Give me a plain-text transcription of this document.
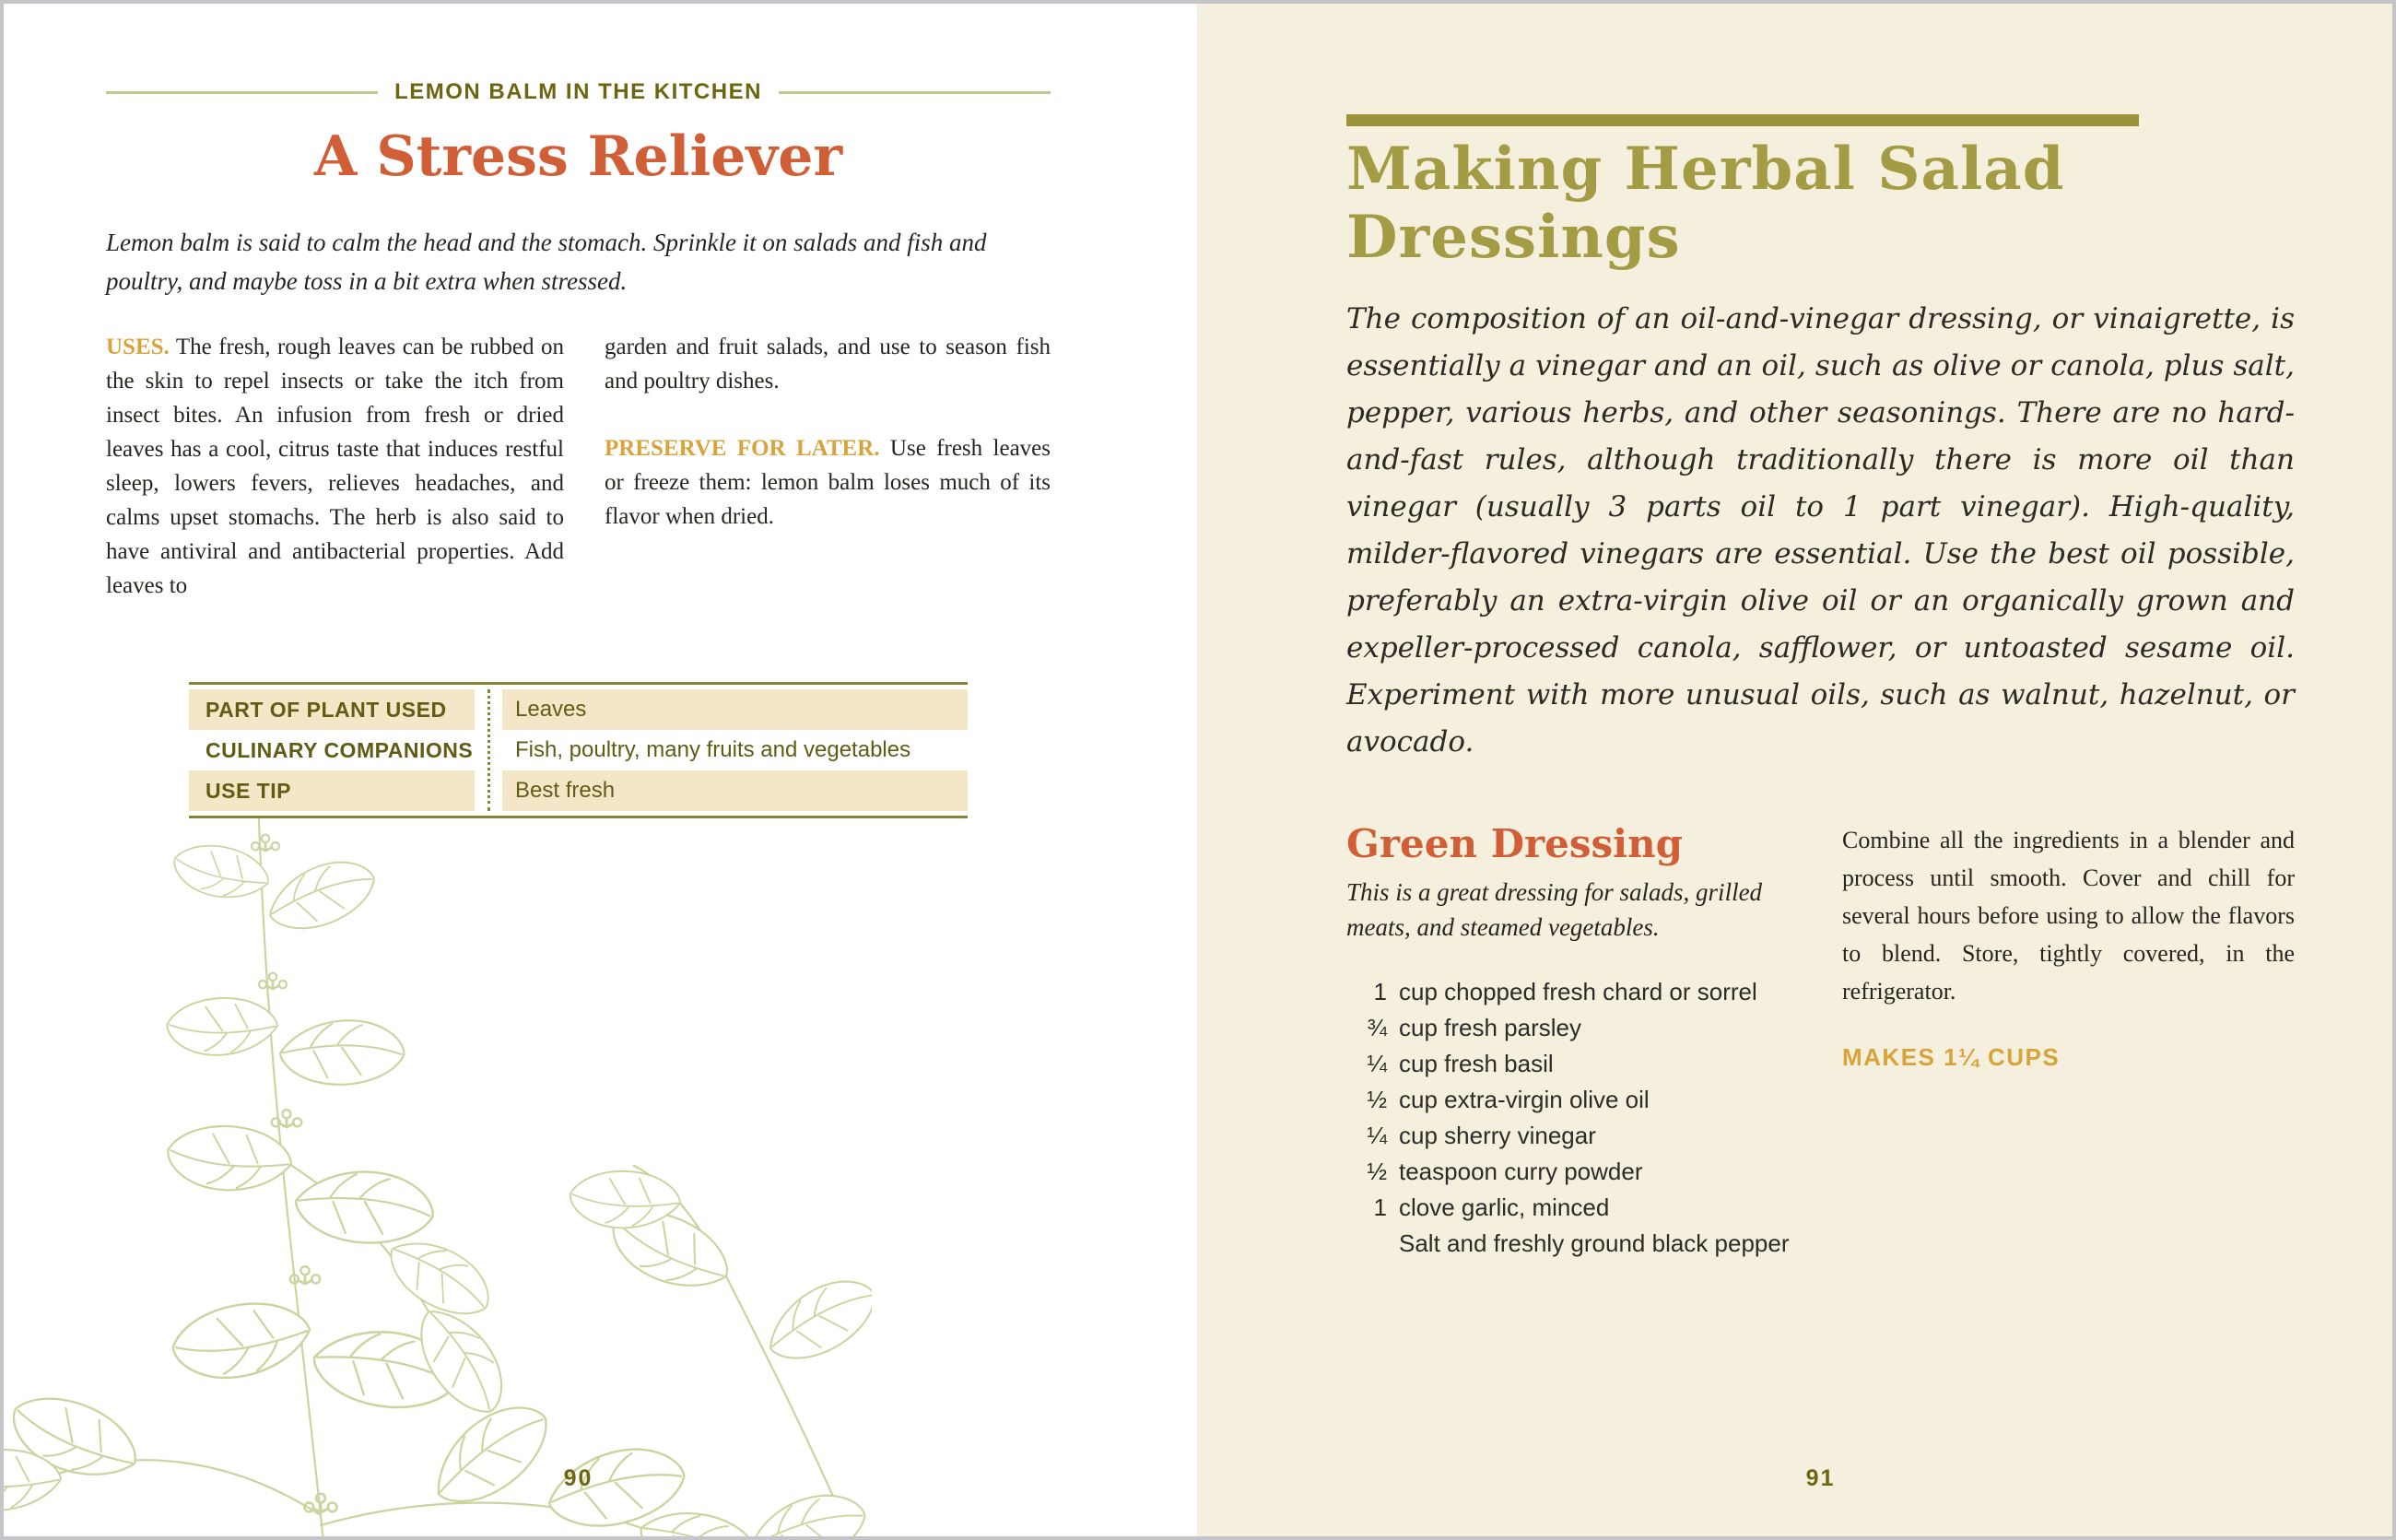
LEMON BALM IN THE KITCHEN
A Stress Reliever

Lemon balm is said to calm the head and the stomach. Sprinkle it on salads and fish and poultry, and maybe toss in a bit extra when stressed.

USES. The fresh, rough leaves can be rubbed on the skin to repel insects or take the itch from insect bites. An infusion from fresh or dried leaves has a cool, citrus taste that induces restful sleep, lowers fevers, relieves headaches, and calms upset stomachs. The herb is also said to have antiviral and antibacterial properties. Add leaves to

garden and fruit salads, and use to season fish and poultry dishes.

PRESERVE FOR LATER. Use fresh leaves or freeze them: lemon balm loses much of its flavor when dried.

PART OF PLANT USED	Leaves
CULINARY COMPANIONS	Fish, poultry, many fruits and vegetables
USE TIP	Best fresh
90
Making Herbal Salad Dressings

The composition of an oil-and-vinegar dressing, or vinaigrette, is essentially a vinegar and an oil, such as olive or canola, plus salt, pepper, various herbs, and other seasonings. There are no hard-and-fast rules, although traditionally there is more oil than vinegar (usually 3 parts oil to 1 part vinegar). High-quality, milder-flavored vinegars are essential. Use the best oil possible, preferably an extra-virgin olive oil or an organically grown and expeller-processed canola, safflower, or untoasted sesame oil. Experiment with more unusual oils, such as walnut, hazelnut, or avocado.

Green Dressing

This is a great dressing for salads, grilled meats, and steamed vegetables.

1 cup chopped fresh chard or sorrel
¾ cup fresh parsley
¼ cup fresh basil
½ cup extra-virgin olive oil
¼ cup sherry vinegar
½ teaspoon curry powder
1 clove garlic, minced
Salt and freshly ground black pepper

Combine all the ingredients in a blender and process until smooth. Cover and chill for several hours before using to allow the flavors to blend. Store, tightly covered, in the refrigerator.

MAKES 1¼ CUPS
91
